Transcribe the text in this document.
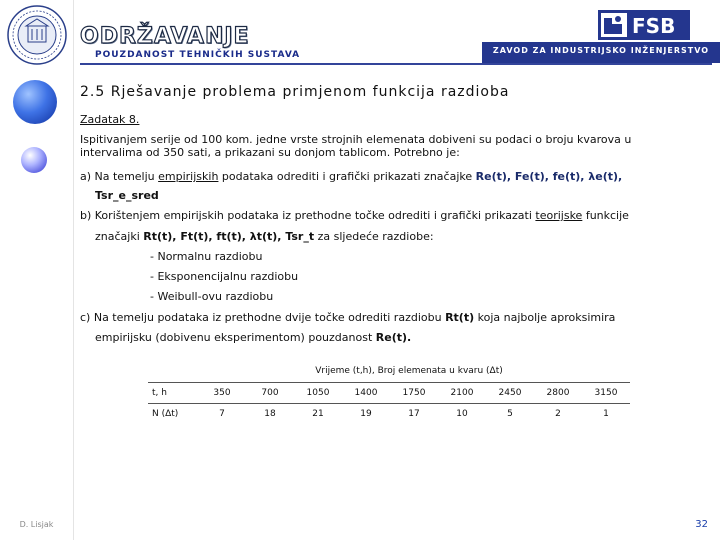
D. Lisjak
ODRŽAVANJE
POUZDANOST TEHNIČKIH SUSTAVA	ZAVOD ZA INDUSTRIJSKO INŽENJERSTVO
FSB
2.5 Rješavanje problema primjenom funkcija razdioba
Zadatak 8.
Ispitivanjem serije od 100 kom. jedne vrste strojnih elemenata dobiveni su podaci o broju kvarova u
intervalima od 350 sati, a prikazani su donjom tablicom. Potrebno je:
a) Na temelju empirijskih podataka odrediti i grafički prikazati značajke Re(t), Fe(t), fe(t), λe(t),
Tsr_e_sred
b) Korištenjem empirijskih podataka iz prethodne točke odrediti i grafički prikazati teorijske funkcije
značajki Rt(t), Ft(t), ft(t), λt(t), Tsr_t za sljedeće razdiobe:
- Normalnu razdiobu
- Eksponencijalnu razdiobu
- Weibull-ovu razdiobu
c) Na temelju podataka iz prethodne dvije točke odrediti razdiobu Rt(t) koja najbolje aproksimira
empirijsku (dobivenu eksperimentom) pouzdanost Re(t).
Vrijeme (t,h), Broj elemenata u kvaru (Δt)									
t, h	350	700	1050	1400	1750	2100	2450	2800	3150
N (Δt)	7	18	21	19	17	10	5	2	1
32
